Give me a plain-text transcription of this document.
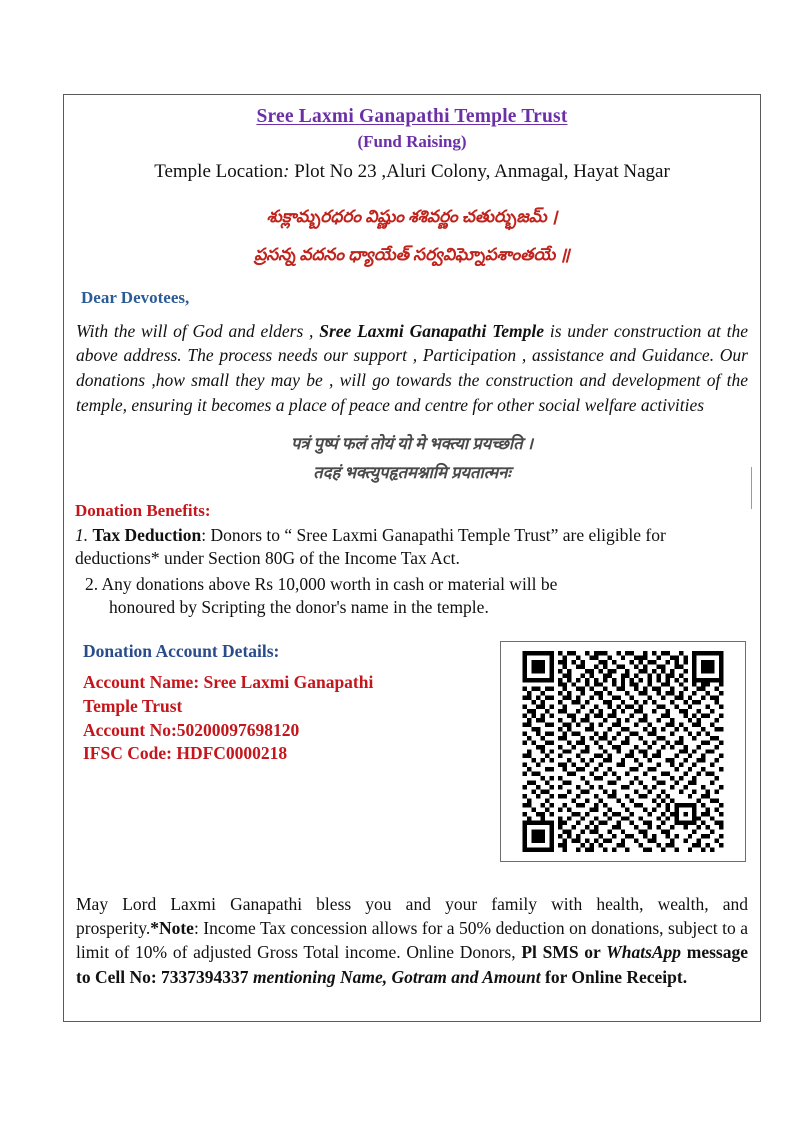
Sree Laxmi Ganapathi Temple Trust
(Fund Raising)
Temple Location: Plot No 23 ,Aluri Colony, Anmagal, Hayat Nagar
శుక్లామ్బరధరం విష్ణుం శశివర్ణం చతుర్భుజమ్ ।
ప్రసన్న వదనం ధ్యాయేత్ సర్వవిఘ్నోపశాంతయే ॥
Dear Devotees,
With the will of God and elders , Sree Laxmi Ganapathi Temple is under construction at the above address. The process needs our support , Participation , assistance and Guidance. Our donations ,how small they may be , will go towards the construction and development of the temple, ensuring it becomes a place of peace and centre for other social welfare activities
पत्रं पुष्पं फलं तोयं यो मे भक्त्या प्रयच्छति ।
तदहं भक्त्युपहृतमश्नामि प्रयतात्मनः
Donation Benefits:
1. Tax Deduction: Donors to “ Sree Laxmi Ganapathi Temple Trust” are eligible for deductions* under Section 80G of the Income Tax Act.
2. Any donations above Rs 10,000 worth in cash or material will be
honoured by Scripting the donor's name in the temple.
Donation Account Details:
Account Name: Sree Laxmi Ganapathi
Temple Trust
Account No:50200097698120
IFSC Code: HDFC0000218
May Lord Laxmi Ganapathi bless you and your family with health, wealth, and prosperity.*Note: Income Tax concession allows for a 50% deduction on donations, subject to a limit of 10% of adjusted Gross Total income. Online Donors, Pl SMS or WhatsApp message to Cell No: 7337394337 mentioning Name, Gotram and Amount for Online Receipt.
